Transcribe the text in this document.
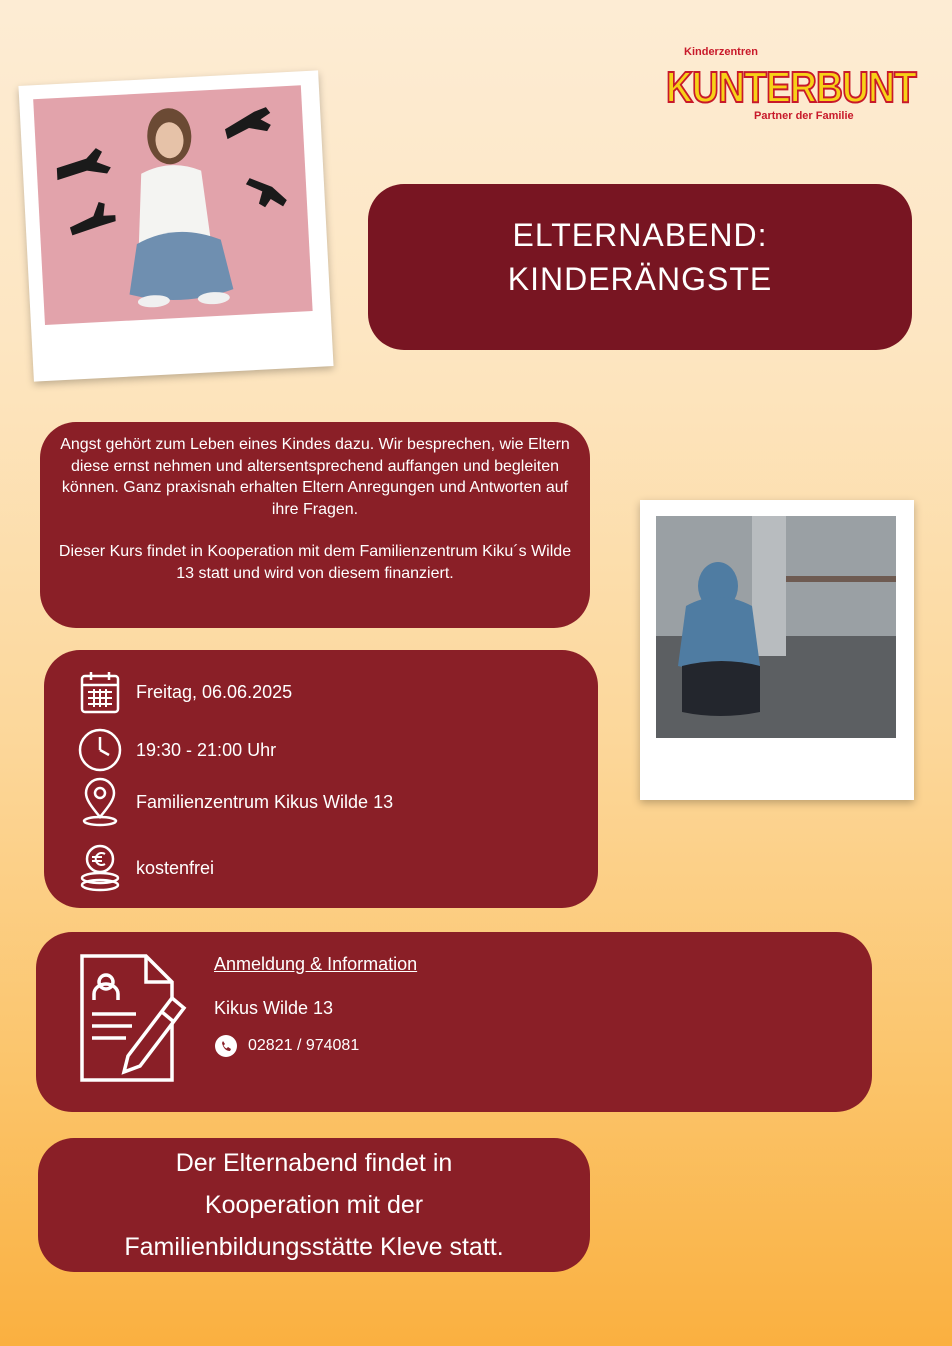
Kinderzentren
KUNTERBUNT
Partner der Familie
ELTERNABEND:
KINDERÄNGSTE

Angst gehört zum Leben eines Kindes dazu. Wir besprechen, wie Eltern diese ernst nehmen und altersentsprechend auffangen und begleiten können. Ganz praxisnah erhalten Eltern Anregungen und Antworten auf ihre Fragen.

Dieser Kurs findet in Kooperation mit dem Familienzentrum Kiku´s Wilde 13 statt und wird von diesem finanziert.

Freitag, 06.06.2025
19:30 - 21:00 Uhr
Familienzentrum Kikus Wilde 13
kostenfrei
Anmeldung & Information
Kikus Wilde 13
02821 / 974081
Der Elternabend findet in
Kooperation mit der
Familienbildungsstätte Kleve statt.
